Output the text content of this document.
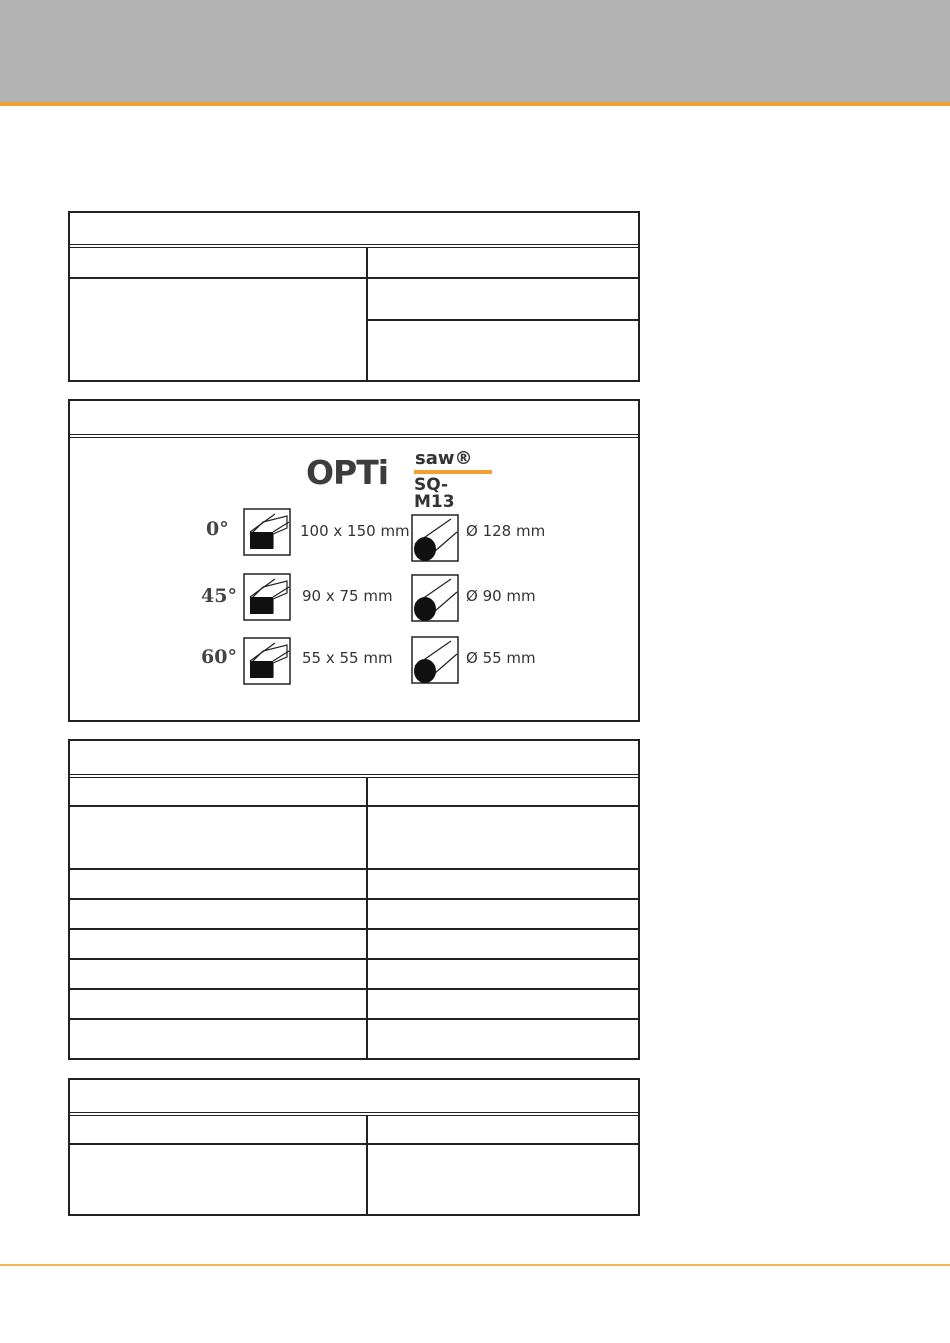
OPTi saw®
SQ-M13
0°	100 x 150 mm	Ø 128 mm
45°	90 x 75 mm	Ø 90 mm
60°	55 x 55 mm	Ø 55 mm
